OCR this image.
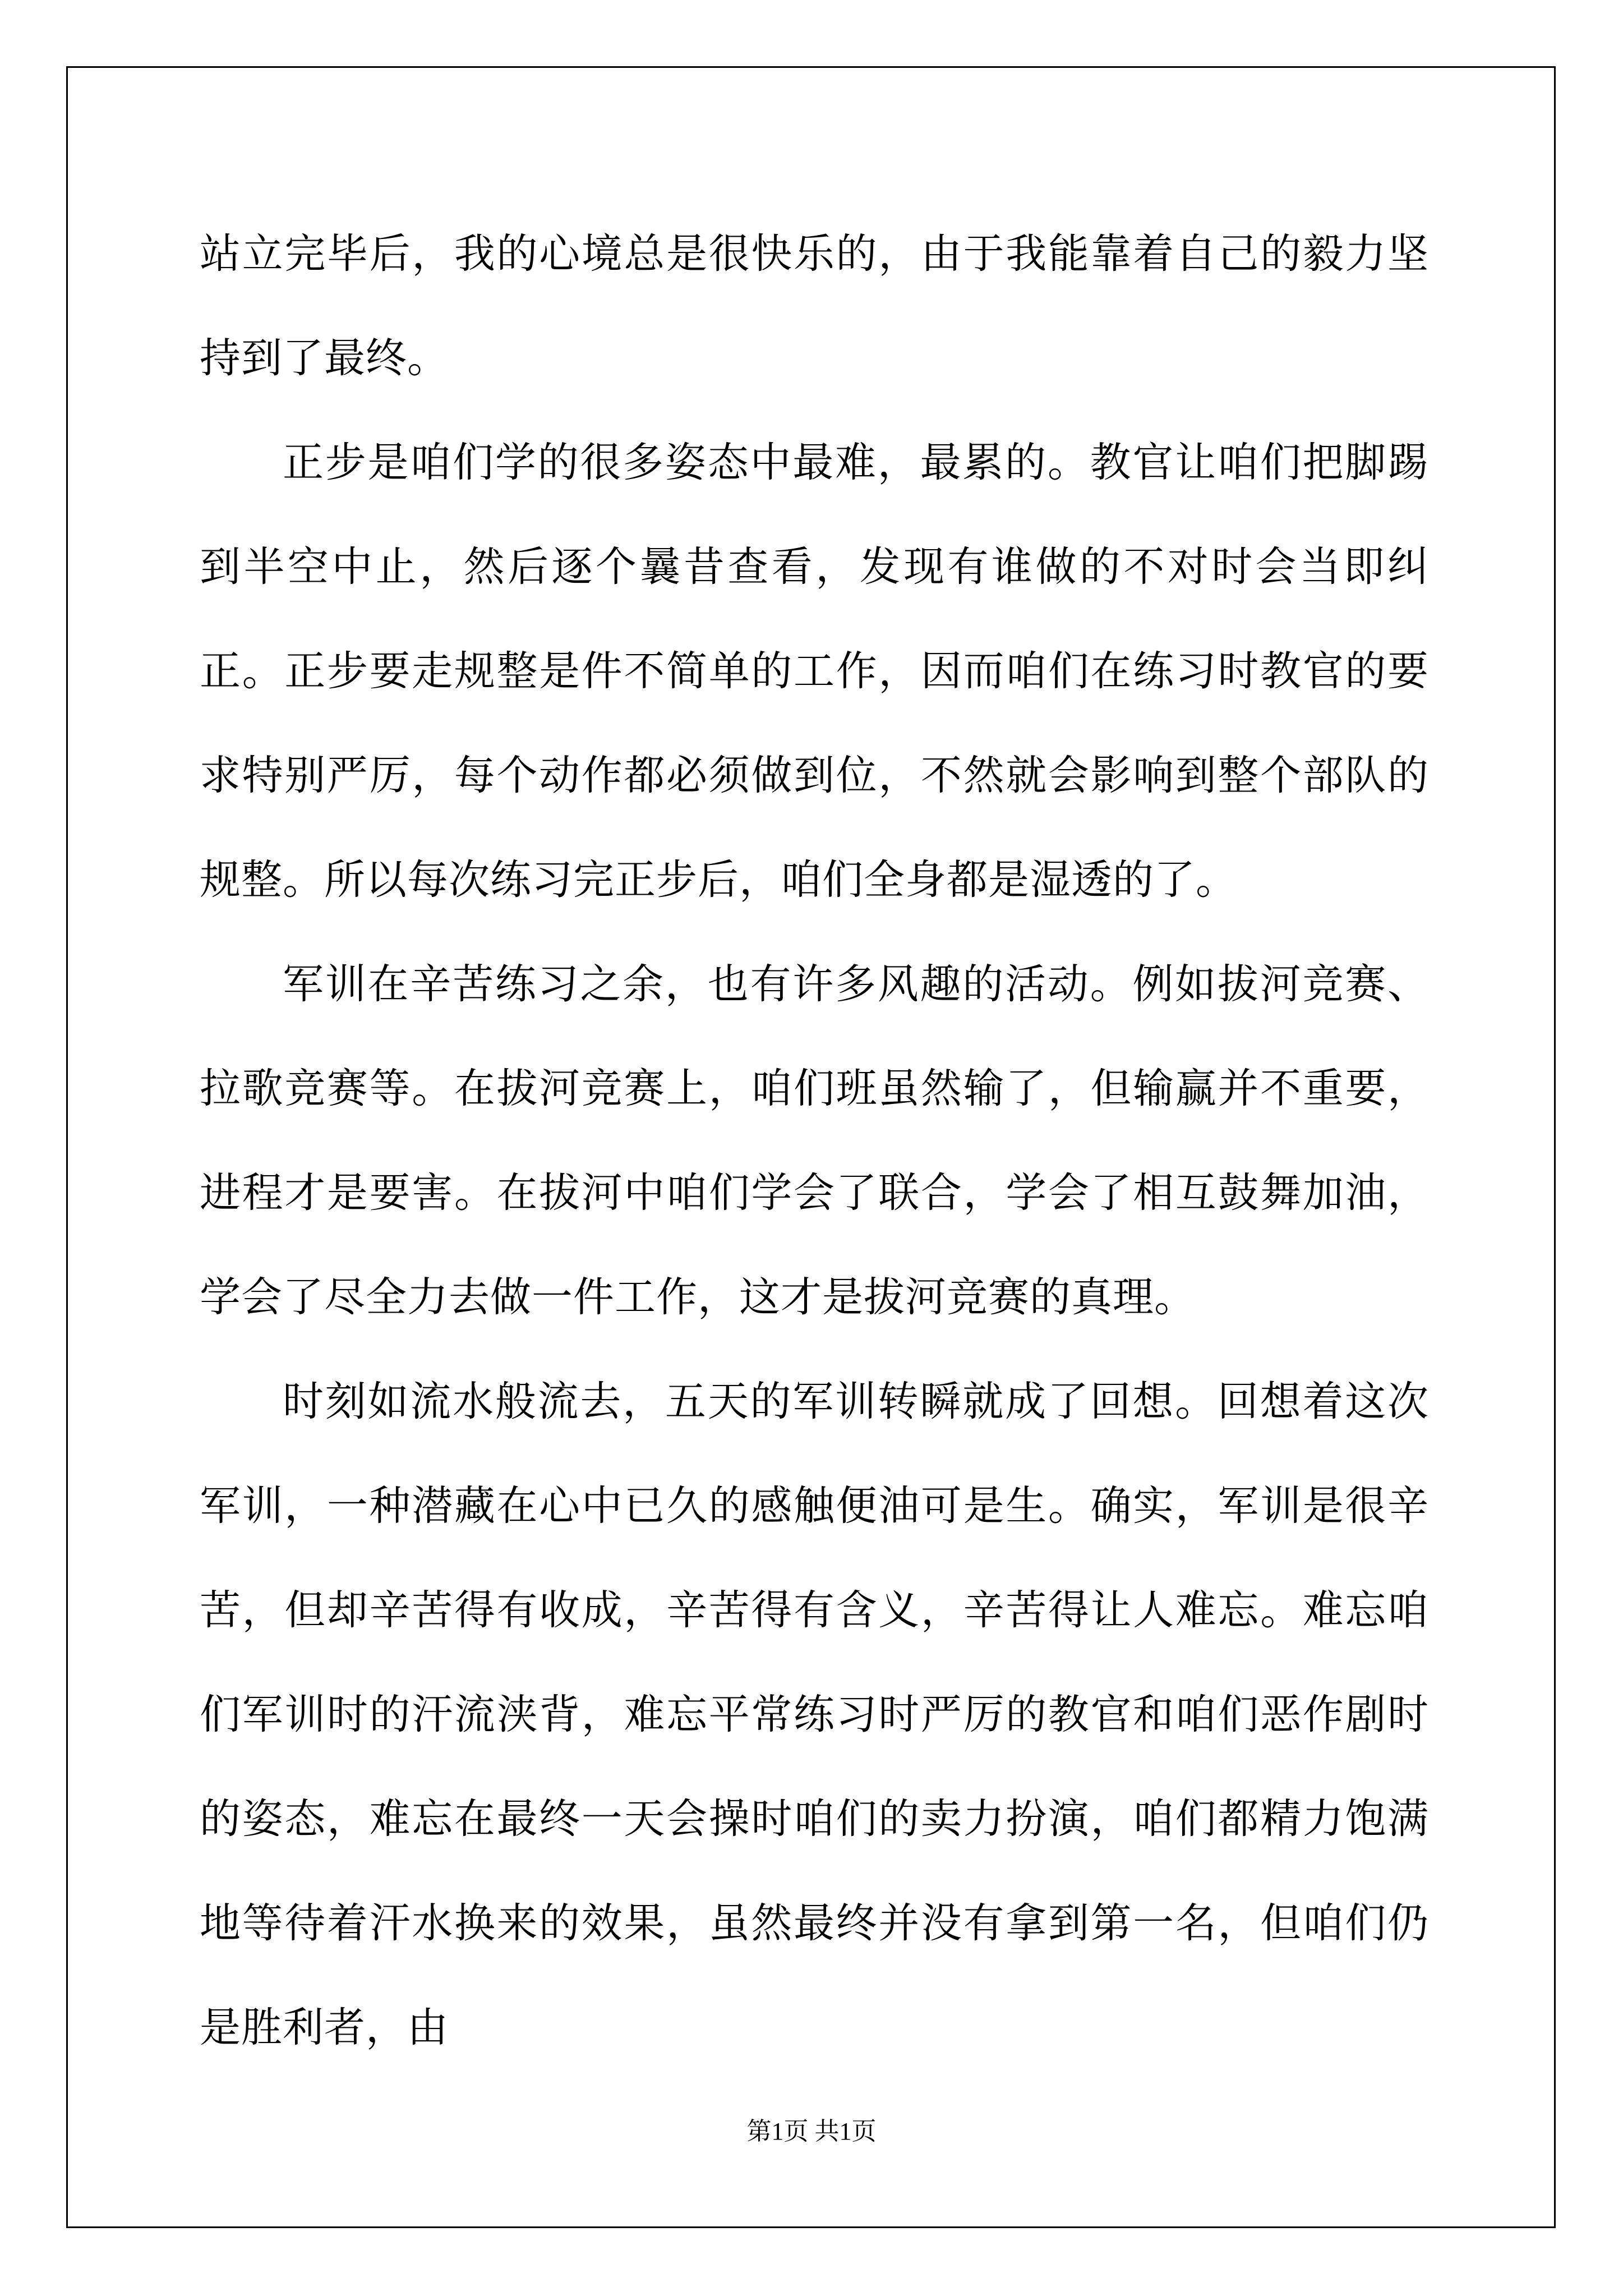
站立完毕后，我的心境总是很快乐的，由于我能靠着自己的毅力坚持到了最终。

正步是咱们学的很多姿态中最难，最累的。教官让咱们把脚踢到半空中止，然后逐个曩昔查看，发现有谁做的不对时会当即纠正。正步要走规整是件不简单的工作，因而咱们在练习时教官的要求特别严厉，每个动作都必须做到位，不然就会影响到整个部队的规整。所以每次练习完正步后，咱们全身都是湿透的了。

军训在辛苦练习之余，也有许多风趣的活动。例如拔河竞赛、拉歌竞赛等。在拔河竞赛上，咱们班虽然输了，但输赢并不重要，进程才是要害。在拔河中咱们学会了联合，学会了相互鼓舞加油，学会了尽全力去做一件工作，这才是拔河竞赛的真理。

时刻如流水般流去，五天的军训转瞬就成了回想。回想着这次军训，一种潜藏在心中已久的感触便油可是生。确实，军训是很辛苦，但却辛苦得有收成，辛苦得有含义，辛苦得让人难忘。难忘咱们军训时的汗流浃背，难忘平常练习时严厉的教官和咱们恶作剧时的姿态，难忘在最终一天会操时咱们的卖力扮演，咱们都精力饱满地等待着汗水换来的效果，虽然最终并没有拿到第一名，但咱们仍是胜利者，由

第1页 共1页
